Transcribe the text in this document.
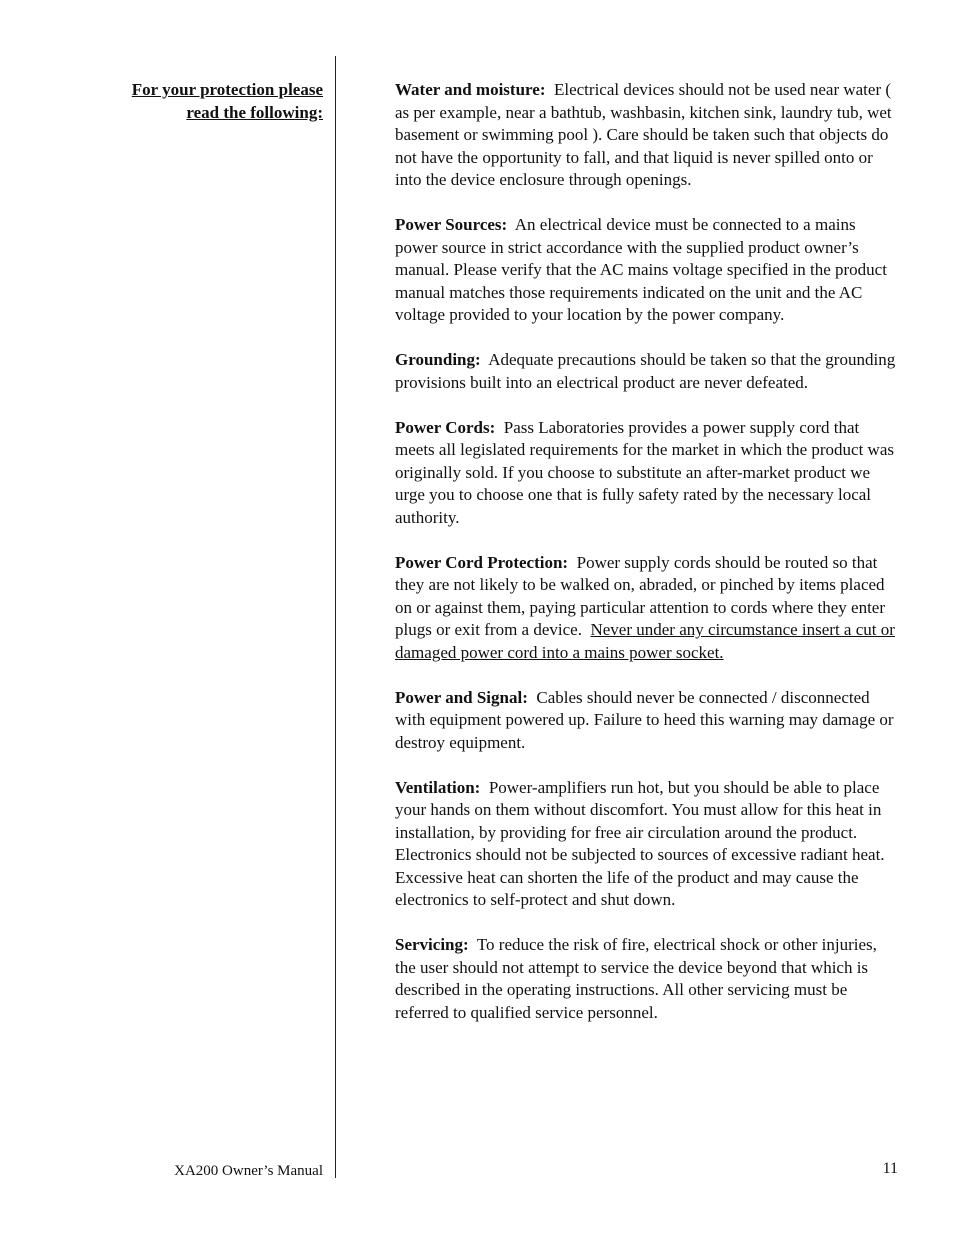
For your protection please
read the following:

Water and moisture: Electrical devices should not be used near water ( as per example, near a bathtub, washbasin, kitchen sink, laundry tub, wet basement or swimming pool ). Care should be taken such that objects do not have the opportunity to fall, and that liquid is never spilled onto or into the device enclosure through openings.

Power Sources: An electrical device must be connected to a mains power source in strict accordance with the supplied product owner’s manual. Please verify that the AC mains voltage specified in the product manual matches those requirements indicated on the unit and the AC voltage provided to your location by the power company.

Grounding: Adequate precautions should be taken so that the grounding provisions built into an electrical product are never defeated.

Power Cords: Pass Laboratories provides a power supply cord that meets all legislated requirements for the market in which the product was originally sold. If you choose to substitute an after-market product we urge you to choose one that is fully safety rated by the necessary local authority.

Power Cord Protection: Power supply cords should be routed so that they are not likely to be walked on, abraded, or pinched by items placed on or against them, paying particular attention to cords where they enter plugs or exit from a device. Never under any circumstance insert a cut or damaged power cord into a mains power socket.

Power and Signal: Cables should never be connected / disconnected with equipment powered up. Failure to heed this warning may damage or destroy equipment.

Ventilation: Power-amplifiers run hot, but you should be able to place your hands on them without discomfort. You must allow for this heat in installation, by providing for free air circulation around the product. Electronics should not be subjected to sources of excessive radiant heat. Excessive heat can shorten the life of the product and may cause the electronics to self-protect and shut down.

Servicing: To reduce the risk of fire, electrical shock or other injuries, the user should not attempt to service the device beyond that which is described in the operating instructions. All other servicing must be referred to qualified service personnel.

XA200 Owner’s Manual	11
